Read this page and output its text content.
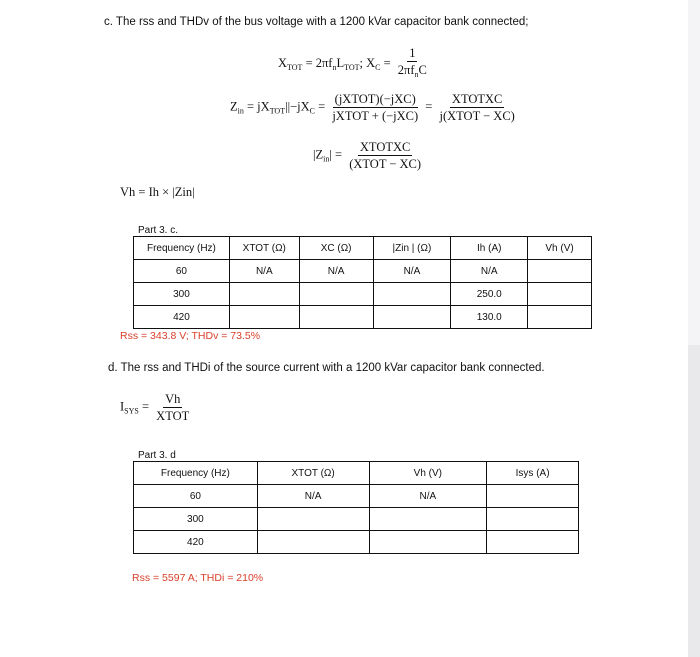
c. The rss and THDv of the bus voltage with a 1200 kVar capacitor bank connected;
$X_{TOT} = 2\pi f_nL_{TOT}$; $X_C = \frac{1}{2\pi f_nC}$
$Z_{in} = jX_{TOT}||-jX_C = \frac{\text{(jXTOT)(−jXC)}}{\text{jXTOT + (−jXC)}} = \frac{\text{XTOTXC}}{\text{j(XTOT − XC)}}$
$|Z_{in}| = \frac{\text{XTOTXC}}{\text{(XTOT − XC)}}$
Vh = Ih × |Zin|
Part 3. c.
Frequency (Hz)	XTOT (Ω)	XC (Ω)	|Zin | (Ω)	Ih (A)	Vh (V)
60	N/A	N/A	N/A	N/A	
300				250.0	
420				130.0	
Rss = 343.8 V; THDv = 73.5%
d. The rss and THDi of the source current with a 1200 kVar capacitor bank connected.
$I_{SYS} = \frac{Vh}{\text{XTOT}}$
Part 3. d
Frequency (Hz)	XTOT (Ω)	Vh (V)	Isys (A)
60	N/A	N/A	
300			
420			
Rss = 5597 A; THDi = 210%
